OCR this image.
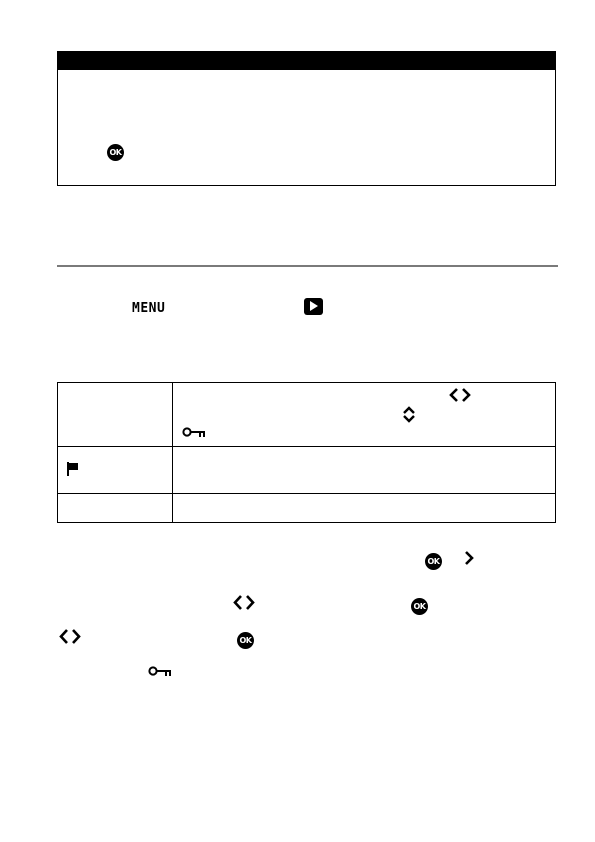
OK
MENU
OK
OK
OK
